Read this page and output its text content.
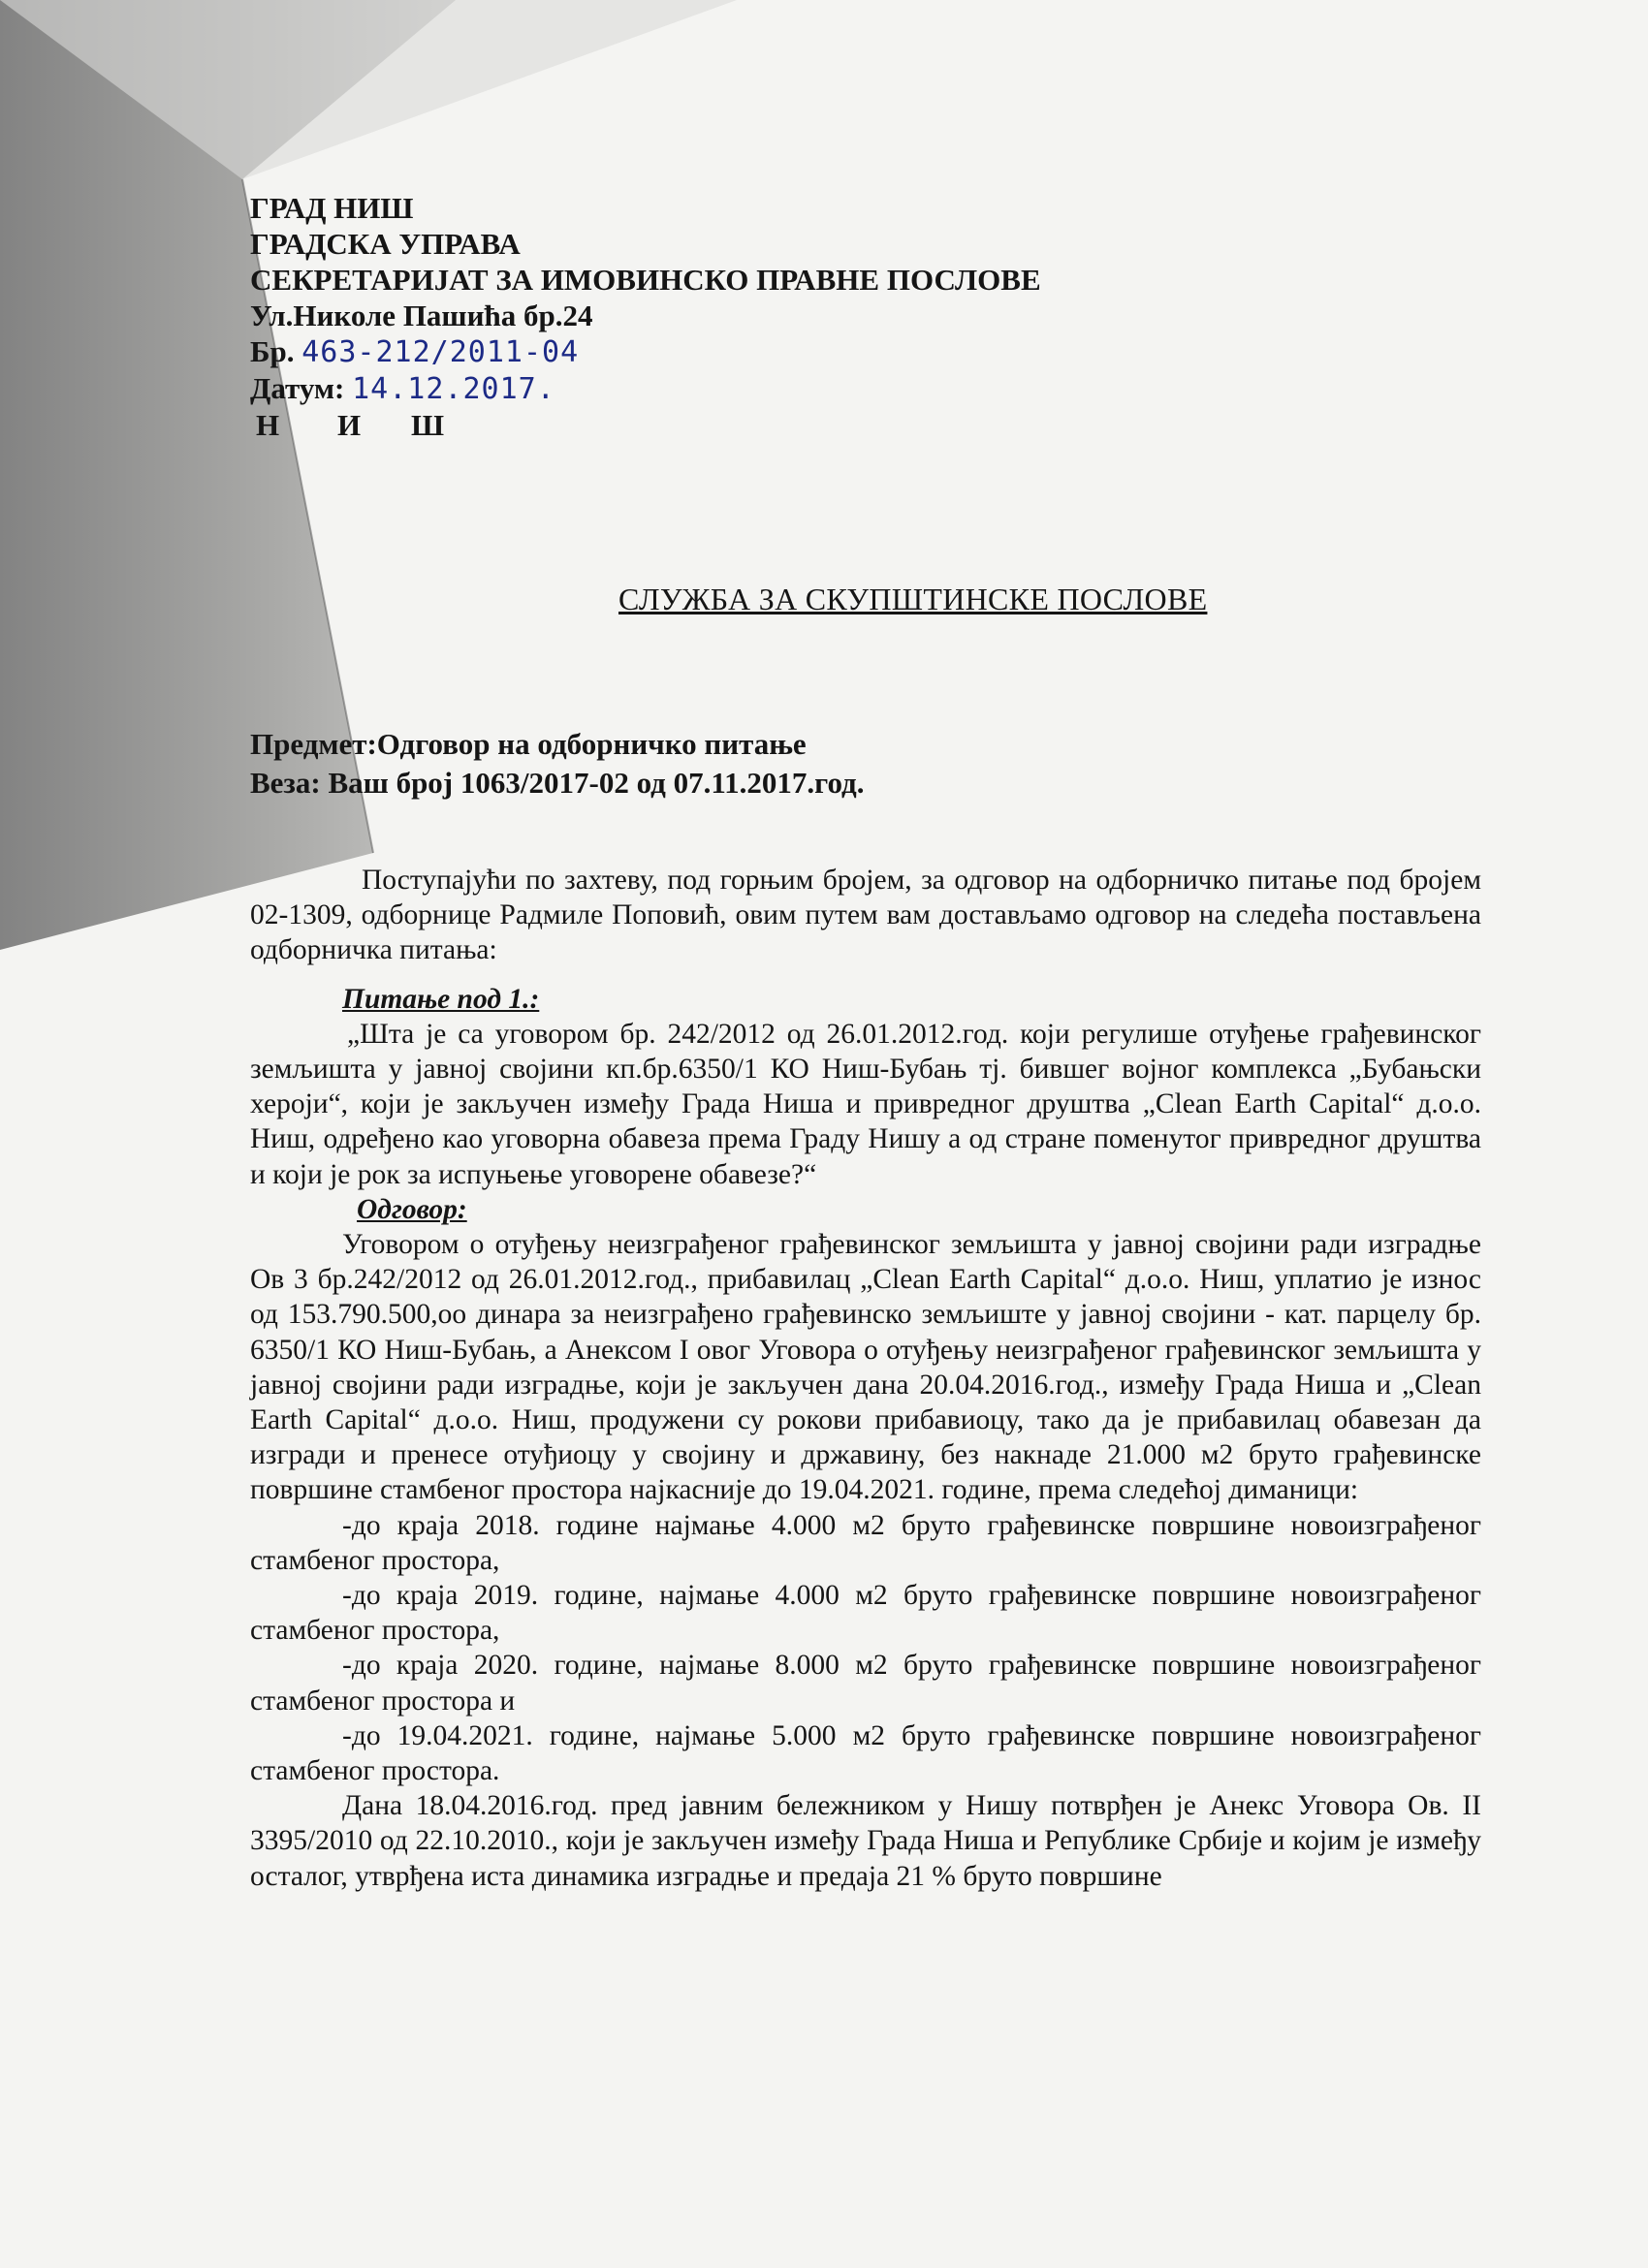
ГРАД НИШ
ГРАДСКА УПРАВА
СЕКРЕТАРИЈАТ ЗА ИМОВИНСКО ПРАВНЕ ПОСЛОВЕ
Ул.Николе Пашића бр.24
Бр. 463-212/2011-04
Датум: 14.12.2017.
Н И Ш
СЛУЖБА ЗА СКУПШТИНСКЕ ПОСЛОВЕ
Предмет:Одговор на одборничко питање
Веза: Ваш број 1063/2017-02 од 07.11.2017.год.

Поступајући по захтеву, под горњим бројем, за одговор на одборничко питање под бројем 02-1309, одборнице Радмиле Поповић, овим путем вам достављамо одговор на следећа постављена одборничка питања:

Питање под 1.:

„Шта је са уговором бр. 242/2012 од 26.01.2012.год. који регулише отуђење грађевинског земљишта у јавној својини кп.бр.6350/1 КО Ниш-Бубањ тј. бившег војног комплекса „Бубањски хероји“, који је закључен између Града Ниша и привредног друштва „Clean Earth Capital“ д.о.о. Ниш, одређено као уговорна обавеза према Граду Нишу а од стране поменутог привредног друштва и који је рок за испуњење уговорене обавезе?“

Одговор:

Уговором о отуђењу неизграђеног грађевинског земљишта у јавној својини ради изградње Ов 3 бр.242/2012 од 26.01.2012.год., прибавилац „Clean Earth Capital“ д.о.о. Ниш, уплатио је износ од 153.790.500,оо динара за неизграђено грађевинско земљиште у јавној својини - кат. парцелу бр. 6350/1 КО Ниш-Бубањ, а Анексом I овог Уговора о отуђењу неизграђеног грађевинског земљишта у јавној својини ради изградње, који је закључен дана 20.04.2016.год., између Града Ниша и „Clean Earth Capital“ д.о.о. Ниш, продужени су рокови прибавиоцу, тако да је прибавилац обавезан да изгради и пренесе отуђиоцу у својину и државину, без накнаде 21.000 м2 бруто грађевинске површине стамбеног простора најкасније до 19.04.2021. године, према следећој диманици:

-до краја 2018. године најмање 4.000 м2 бруто грађевинске површине новоизграђеног стамбеног простора,

-до краја 2019. године, најмање 4.000 м2 бруто грађевинске површине новоизграђеног стамбеног простора,

-до краја 2020. године, најмање 8.000 м2 бруто грађевинске површине новоизграђеног стамбеног простора и

-до 19.04.2021. године, најмање 5.000 м2 бруто грађевинске површине новоизграђеног стамбеног простора.

Дана 18.04.2016.год. пред јавним бележником у Нишу потврђен је Анекс Уговора Ов. II 3395/2010 од 22.10.2010., који је закључен између Града Ниша и Републике Србије и којим је између осталог, утврђена иста динамика изградње и предаја 21 % бруто површине
